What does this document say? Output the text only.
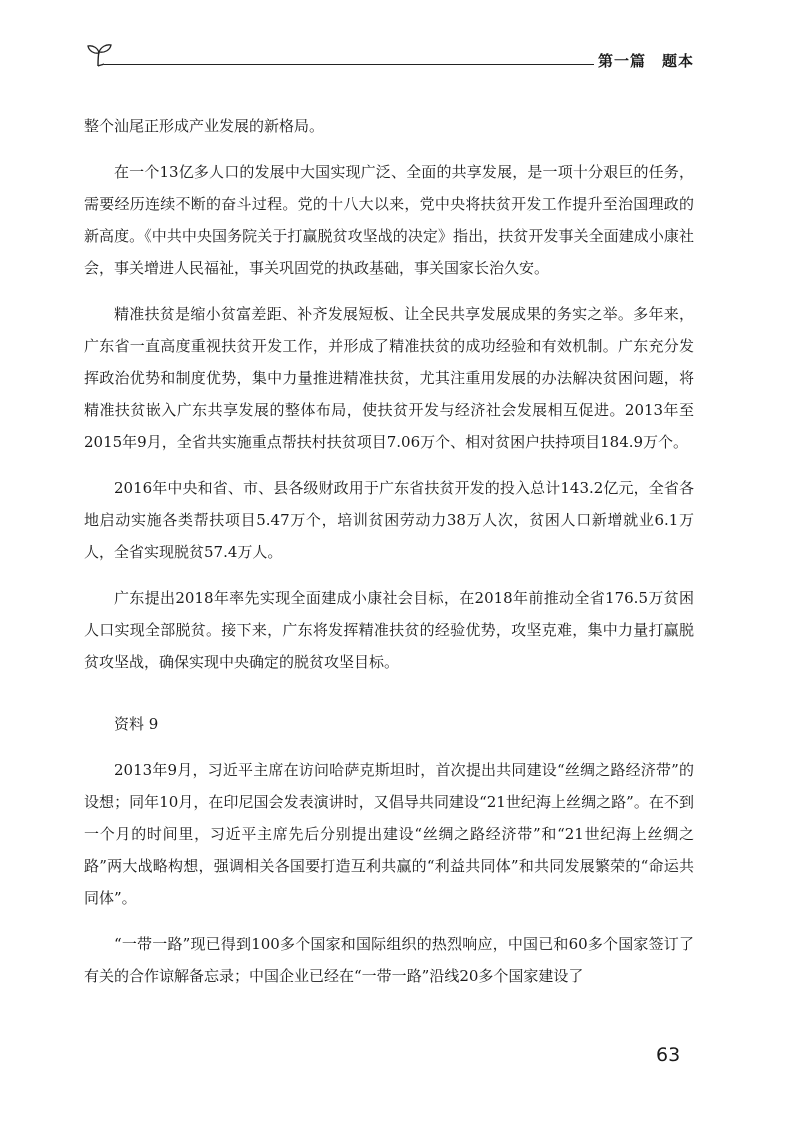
第一篇　题本

整个汕尾正形成产业发展的新格局。

在一个13亿多人口的发展中大国实现广泛、全面的共享发展，是一项十分艰巨的任务，需要经历连续不断的奋斗过程。党的十八大以来，党中央将扶贫开发工作提升至治国理政的新高度。《中共中央国务院关于打赢脱贫攻坚战的决定》指出，扶贫开发事关全面建成小康社会，事关增进人民福祉，事关巩固党的执政基础，事关国家长治久安。

精准扶贫是缩小贫富差距、补齐发展短板、让全民共享发展成果的务实之举。多年来，广东省一直高度重视扶贫开发工作，并形成了精准扶贫的成功经验和有效机制。广东充分发挥政治优势和制度优势，集中力量推进精准扶贫，尤其注重用发展的办法解决贫困问题，将精准扶贫嵌入广东共享发展的整体布局，使扶贫开发与经济社会发展相互促进。2013年至2015年9月，全省共实施重点帮扶村扶贫项目7.06万个、相对贫困户扶持项目184.9万个。

2016年中央和省、市、县各级财政用于广东省扶贫开发的投入总计143.2亿元，全省各地启动实施各类帮扶项目5.47万个，培训贫困劳动力38万人次，贫困人口新增就业6.1万人，全省实现脱贫57.4万人。

广东提出2018年率先实现全面建成小康社会目标，在2018年前推动全省176.5万贫困人口实现全部脱贫。接下来，广东将发挥精准扶贫的经验优势，攻坚克难，集中力量打赢脱贫攻坚战，确保实现中央确定的脱贫攻坚目标。

资料 9

2013年9月，习近平主席在访问哈萨克斯坦时，首次提出共同建设“丝绸之路经济带”的设想；同年10月，在印尼国会发表演讲时，又倡导共同建设“21世纪海上丝绸之路”。在不到一个月的时间里，习近平主席先后分别提出建设“丝绸之路经济带”和“21世纪海上丝绸之路”两大战略构想，强调相关各国要打造互利共赢的“利益共同体”和共同发展繁荣的“命运共同体”。

“一带一路”现已得到100多个国家和国际组织的热烈响应，中国已和60多个国家签订了有关的合作谅解备忘录；中国企业已经在“一带一路”沿线20多个国家建设了

63
